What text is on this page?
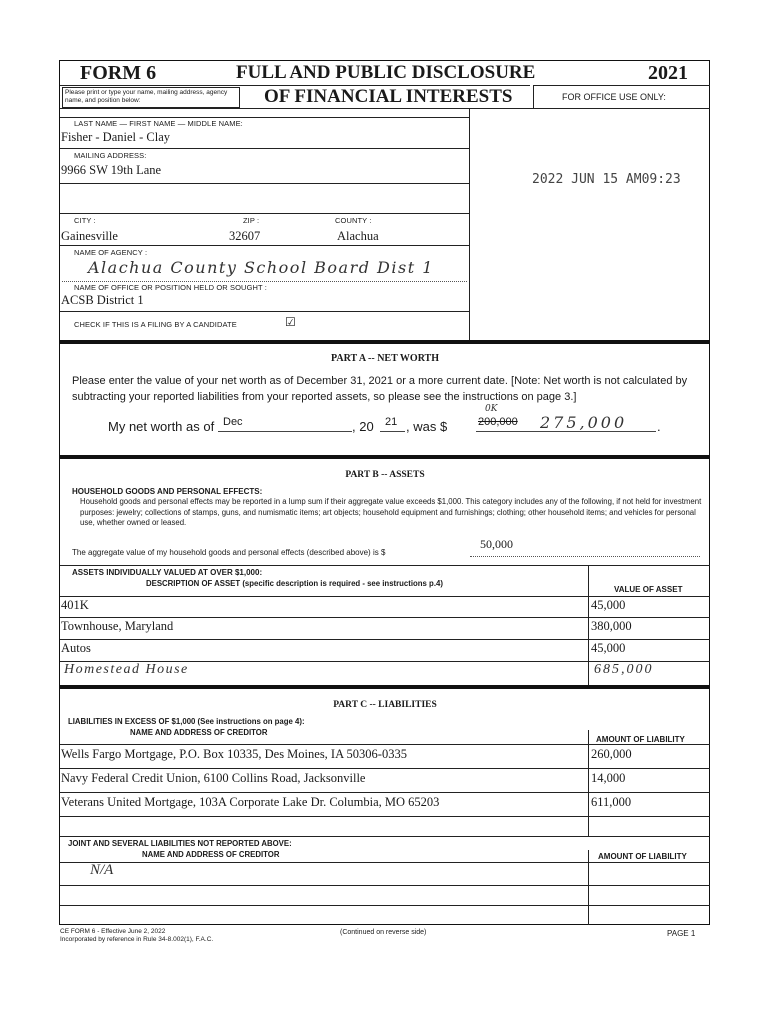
FORM 6	FULL AND PUBLIC DISCLOSURE	2021
Please print or type your name, mailing address, agency name, and position below:	OF FINANCIAL INTERESTS	FOR OFFICE USE ONLY:
LAST NAME — FIRST NAME — MIDDLE NAME:
Fisher - Daniel - Clay
MAILING ADDRESS:
9966 SW 19th Lane
2022 JUN 15 AM09:23
CITY :	ZIP :	COUNTY :
Gainesville	32607	Alachua
NAME OF AGENCY :
Alachua County School Board Dist 1
NAME OF OFFICE OR POSITION HELD OR SOUGHT :
ACSB District 1
CHECK IF THIS IS A FILING BY A CANDIDATE	☑
PART A -- NET WORTH
Please enter the value of your net worth as of December 31, 2021 or a more current date. [Note: Net worth is not calculated by subtracting your reported liabilities from your reported assets, so please see the instructions on page 3.]
My net worth as of Dec	, 20 21 , was $
0K
200,000 275,000 .
PART B -- ASSETS
HOUSEHOLD GOODS AND PERSONAL EFFECTS:
Household goods and personal effects may be reported in a lump sum if their aggregate value exceeds $1,000. This category includes any of the following, if not held for investment purposes: jewelry; collections of stamps, guns, and numismatic items; art objects; household equipment and furnishings; clothing; other household items; and vehicles for personal use, whether owned or leased.
The aggregate value of my household goods and personal effects (described above) is $
50,000
ASSETS INDIVIDUALLY VALUED AT OVER $1,000:
DESCRIPTION OF ASSET (specific description is required - see instructions p.4)
VALUE OF ASSET
401K	45,000
Townhouse, Maryland	380,000
Autos	45,000
Homestead House	685,000
PART C -- LIABILITIES
LIABILITIES IN EXCESS OF $1,000 (See instructions on page 4):
NAME AND ADDRESS OF CREDITOR
AMOUNT OF LIABILITY
Wells Fargo Mortgage, P.O. Box 10335, Des Moines, IA 50306-0335	260,000
Navy Federal Credit Union, 6100 Collins Road, Jacksonville	14,000
Veterans United Mortgage, 103A Corporate Lake Dr. Columbia, MO 65203	611,000
JOINT AND SEVERAL LIABILITIES NOT REPORTED ABOVE:
NAME AND ADDRESS OF CREDITOR	AMOUNT OF LIABILITY
N/A
CE FORM 6 - Effective June 2, 2022
Incorporated by reference in Rule 34-8.002(1), F.A.C.
(Continued on reverse side)	PAGE 1
